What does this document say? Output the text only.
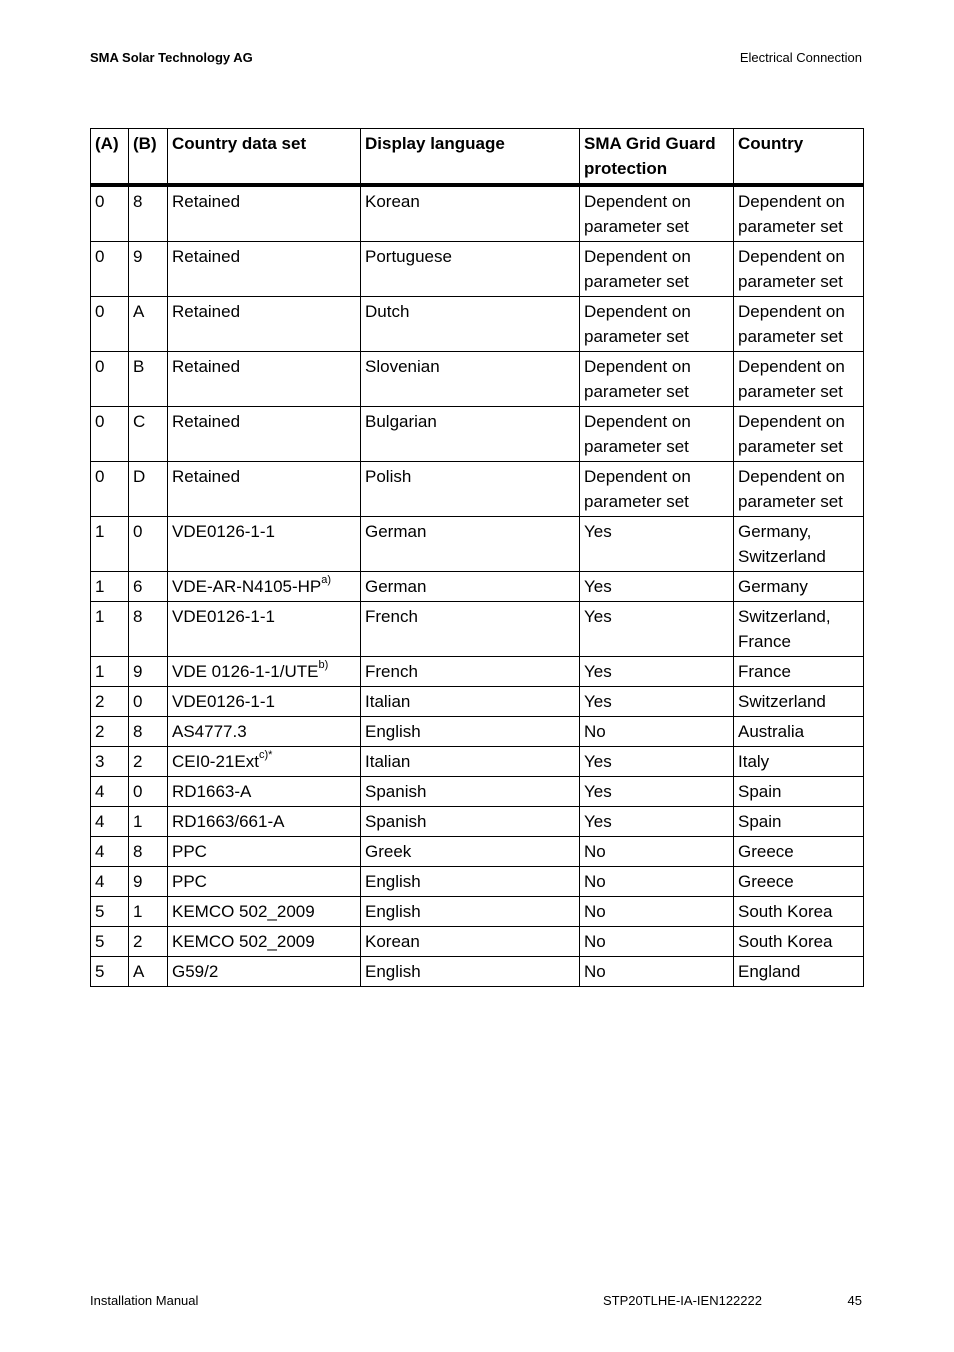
SMA Solar Technology AG	Electrical Connection
(A)	(B)	Country data set	Display language	SMA Grid Guard protection	Country
0	8	Retained	Korean	Dependent on parameter set	Dependent on parameter set
0	9	Retained	Portuguese	Dependent on parameter set	Dependent on parameter set
0	A	Retained	Dutch	Dependent on parameter set	Dependent on parameter set
0	B	Retained	Slovenian	Dependent on parameter set	Dependent on parameter set
0	C	Retained	Bulgarian	Dependent on parameter set	Dependent on parameter set
0	D	Retained	Polish	Dependent on parameter set	Dependent on parameter set
1	0	VDE0126-1-1	German	Yes	Germany, Switzerland
1	6	VDE-AR-N4105-HP$^{a)}$	German	Yes	Germany
1	8	VDE0126-1-1	French	Yes	Switzerland, France
1	9	VDE 0126-1-1/UTE$^{b)}$	French	Yes	France
2	0	VDE0126-1-1	Italian	Yes	Switzerland
2	8	AS4777.3	English	No	Australia
3	2	CEI0-21Ext$^{c)*}$	Italian	Yes	Italy
4	0	RD1663-A	Spanish	Yes	Spain
4	1	RD1663/661-A	Spanish	Yes	Spain
4	8	PPC	Greek	No	Greece
4	9	PPC	English	No	Greece
5	1	KEMCO 502_2009	English	No	South Korea
5	2	KEMCO 502_2009	Korean	No	South Korea
5	A	G59/2	English	No	England
Installation Manual	STP20TLHE-IA-IEN122222	45
